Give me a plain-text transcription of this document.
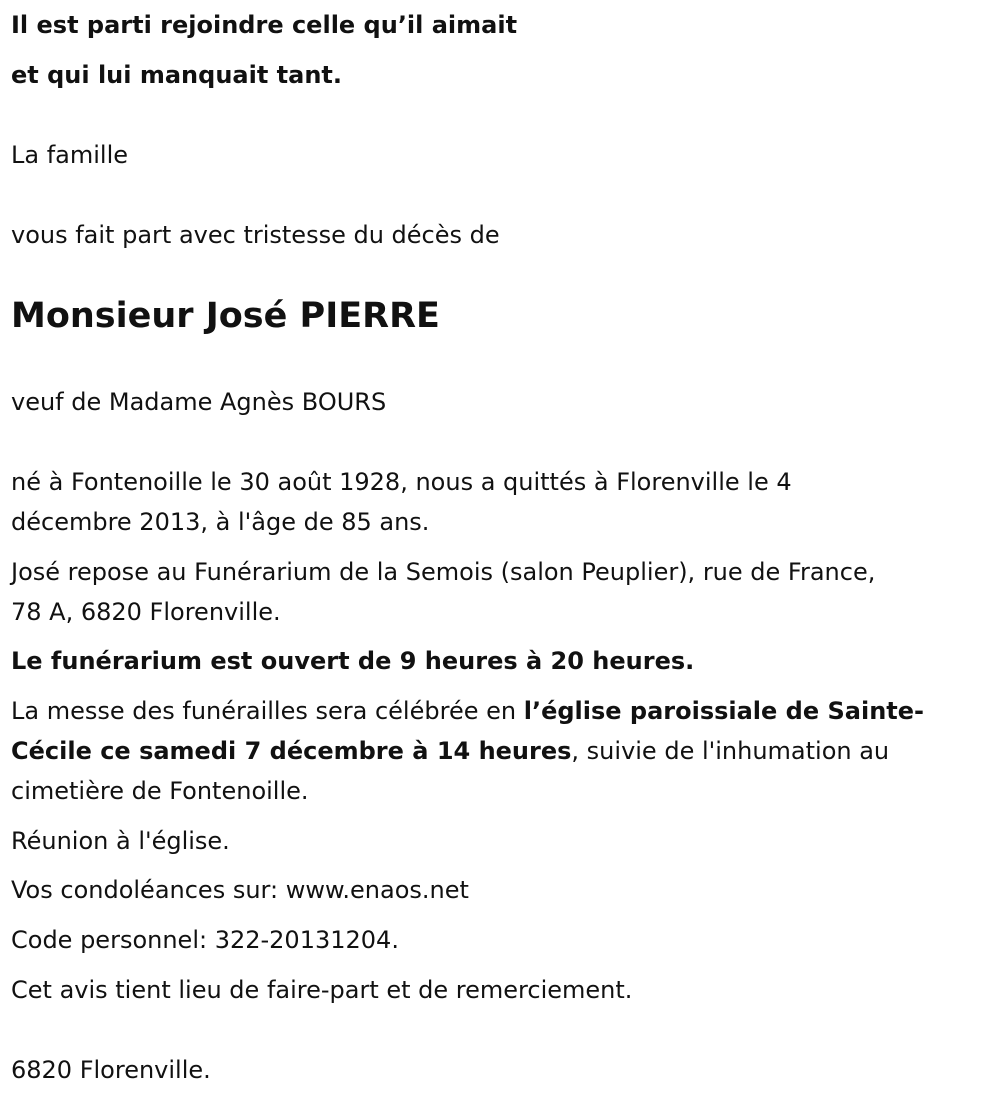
Il est parti rejoindre celle qu’il aimait

et qui lui manquait tant.

La famille

vous fait part avec tristesse du décès de

Monsieur José PIERRE

veuf de Madame Agnès BOURS

né à Fontenoille le 30 août 1928, nous a quittés à Florenville le 4

décembre 2013, à l'âge de 85 ans.

José repose au Funérarium de la Semois (salon Peuplier), rue de France,

78 A, 6820 Florenville.

Le funérarium est ouvert de 9 heures à 20 heures.

La messe des funérailles sera célébrée en l’église paroissiale de Sainte-

Cécile ce samedi 7 décembre à 14 heures, suivie de l'inhumation au

cimetière de Fontenoille.

Réunion à l'église.

Vos condoléances sur: www.enaos.net

Code personnel: 322-20131204.

Cet avis tient lieu de faire-part et de remerciement.

6820 Florenville.
